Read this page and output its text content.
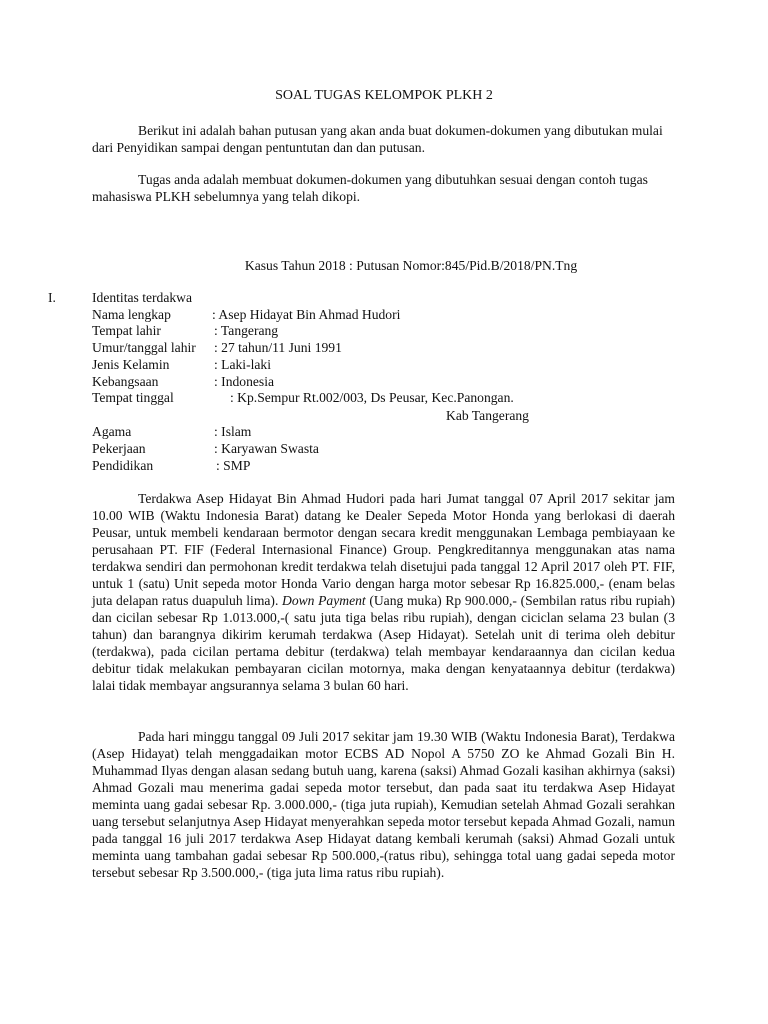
SOAL TUGAS KELOMPOK PLKH 2

Berikut ini adalah bahan putusan yang akan anda buat dokumen-dokumen yang dibutukan mulai dari Penyidikan sampai dengan pentuntutan dan dan putusan.

Tugas anda adalah membuat dokumen-dokumen yang dibutuhkan sesuai dengan contoh tugas mahasiswa PLKH sebelumnya yang telah dikopi.

Kasus Tahun 2018 : Putusan Nomor:845/Pid.B/2018/PN.Tng
I.	Identitas terdakwa
Nama lengkap	: Asep Hidayat Bin Ahmad Hudori
Tempat lahir	: Tangerang
Umur/tanggal lahir : 27 tahun/11 Juni 1991
Jenis Kelamin	: Laki-laki
Kebangsaan	: Indonesia
Tempat tinggal	: Kp.Sempur Rt.002/003, Ds Peusar, Kec.Panongan.
Kab Tangerang
Agama	: Islam
Pekerjaan	: Karyawan Swasta
Pendidikan	: SMP

Terdakwa Asep Hidayat Bin Ahmad Hudori pada hari Jumat tanggal 07 April 2017 sekitar jam 10.00 WIB (Waktu Indonesia Barat) datang ke Dealer Sepeda Motor Honda yang berlokasi di daerah Peusar, untuk membeli kendaraan bermotor dengan secara kredit menggunakan Lembaga pembiayaan ke perusahaan PT. FIF (Federal Internasional Finance) Group. Pengkreditannya menggunakan atas nama terdakwa sendiri dan permohonan kredit terdakwa telah disetujui pada tanggal 12 April 2017 oleh PT. FIF, untuk 1 (satu) Unit sepeda motor Honda Vario dengan harga motor sebesar Rp 16.825.000,- (enam belas juta delapan ratus duapuluh lima). Down Payment (Uang muka) Rp 900.000,- (Sembilan ratus ribu rupiah) dan cicilan sebesar Rp 1.013.000,-( satu juta tiga belas ribu rupiah), dengan ciciclan selama 23 bulan (3 tahun) dan barangnya dikirim kerumah terdakwa (Asep Hidayat). Setelah unit di terima oleh debitur (terdakwa), pada cicilan pertama debitur (terdakwa) telah membayar kendaraannya dan cicilan kedua debitur tidak melakukan pembayaran cicilan motornya, maka dengan kenyataannya debitur (terdakwa) lalai tidak membayar angsurannya selama 3 bulan 60 hari.

Pada hari minggu tanggal 09 Juli 2017 sekitar jam 19.30 WIB (Waktu Indonesia Barat), Terdakwa (Asep Hidayat) telah menggadaikan motor ECBS AD Nopol A 5750 ZO ke Ahmad Gozali Bin H. Muhammad Ilyas dengan alasan sedang butuh uang, karena (saksi) Ahmad Gozali kasihan akhirnya (saksi) Ahmad Gozali mau menerima gadai sepeda motor tersebut, dan pada saat itu terdakwa Asep Hidayat meminta uang gadai sebesar Rp. 3.000.000,- (tiga juta rupiah), Kemudian setelah Ahmad Gozali serahkan uang tersebut selanjutnya Asep Hidayat menyerahkan sepeda motor tersebut kepada Ahmad Gozali, namun pada tanggal 16 juli 2017 terdakwa Asep Hidayat datang kembali kerumah (saksi) Ahmad Gozali untuk meminta uang tambahan gadai sebesar Rp 500.000,-(ratus ribu), sehingga total uang gadai sepeda motor tersebut sebesar Rp 3.500.000,- (tiga juta lima ratus ribu rupiah).
